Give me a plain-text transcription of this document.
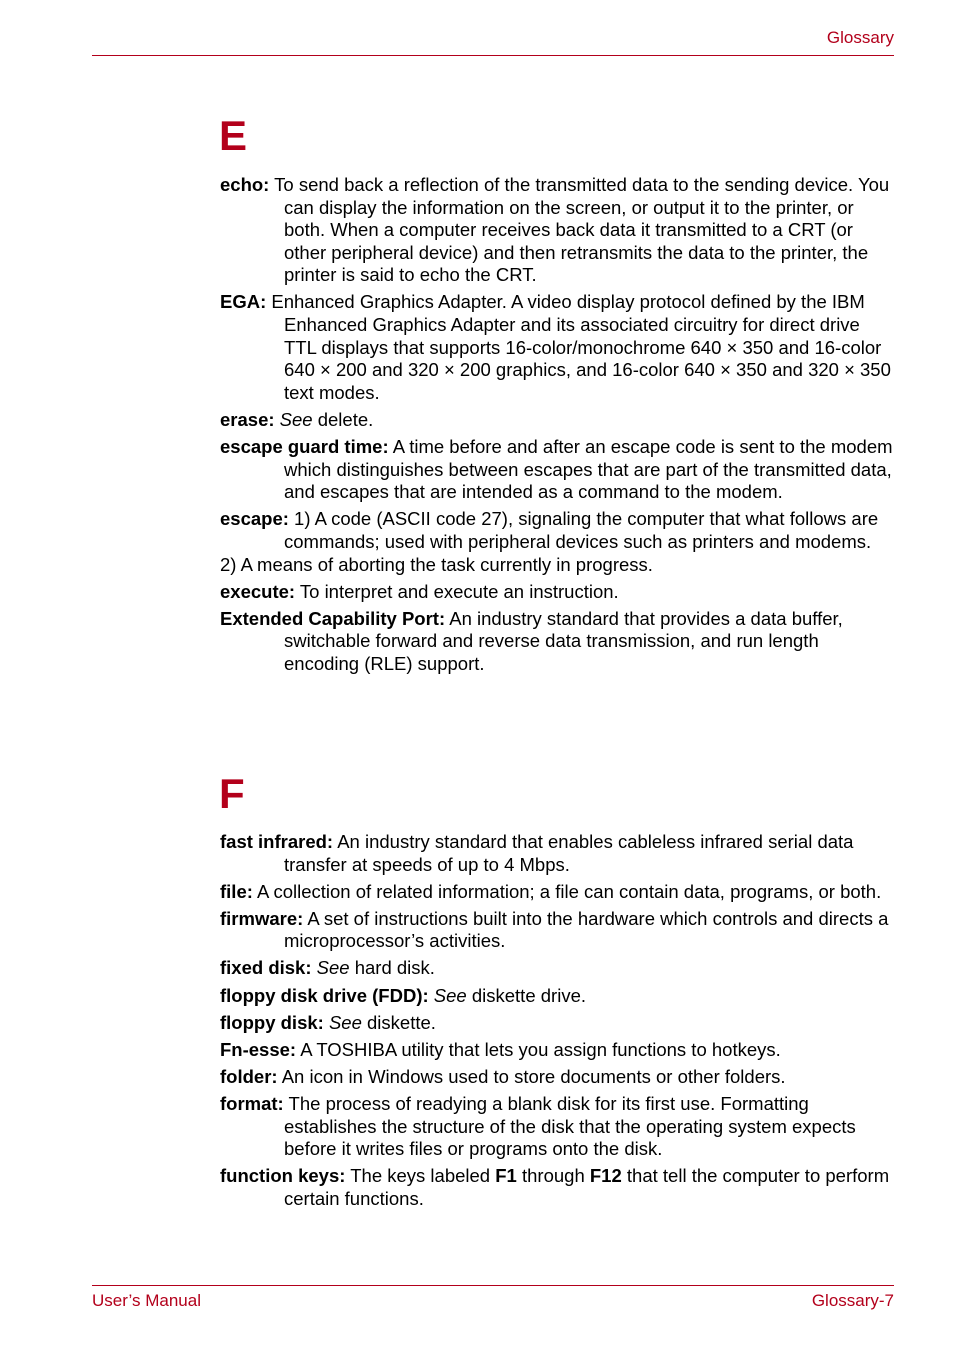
Glossary
E

echo: To send back a reflection of the transmitted data to the sending device. You can display the information on the screen, or output it to the printer, or both. When a computer receives back data it transmitted to a CRT (or other peripheral device) and then retransmits the data to the printer, the printer is said to echo the CRT.

EGA: Enhanced Graphics Adapter. A video display protocol defined by the IBM Enhanced Graphics Adapter and its associated circuitry for direct drive TTL displays that supports 16-color/monochrome 640 × 350 and 16-color 640 × 200 and 320 × 200 graphics, and 16-color 640 × 350 and 320 × 350 text modes.

erase: See delete.

escape guard time: A time before and after an escape code is sent to the modem which distinguishes between escapes that are part of the transmitted data, and escapes that are intended as a command to the modem.

escape: 1) A code (ASCII code 27), signaling the computer that what follows are commands; used with peripheral devices such as printers and modems.
2) A means of aborting the task currently in progress.

execute: To interpret and execute an instruction.

Extended Capability Port: An industry standard that provides a data buffer, switchable forward and reverse data transmission, and run length encoding (RLE) support.

F

fast infrared: An industry standard that enables cableless infrared serial data transfer at speeds of up to 4 Mbps.

file: A collection of related information; a file can contain data, programs, or both.

firmware: A set of instructions built into the hardware which controls and directs a microprocessor’s activities.

fixed disk: See hard disk.

floppy disk drive (FDD): See diskette drive.

floppy disk: See diskette.

Fn-esse: A TOSHIBA utility that lets you assign functions to hotkeys.

folder: An icon in Windows used to store documents or other folders.

format: The process of readying a blank disk for its first use. Formatting establishes the structure of the disk that the operating system expects before it writes files or programs onto the disk.

function keys: The keys labeled F1 through F12 that tell the computer to perform certain functions.

User’s Manual	Glossary-7
